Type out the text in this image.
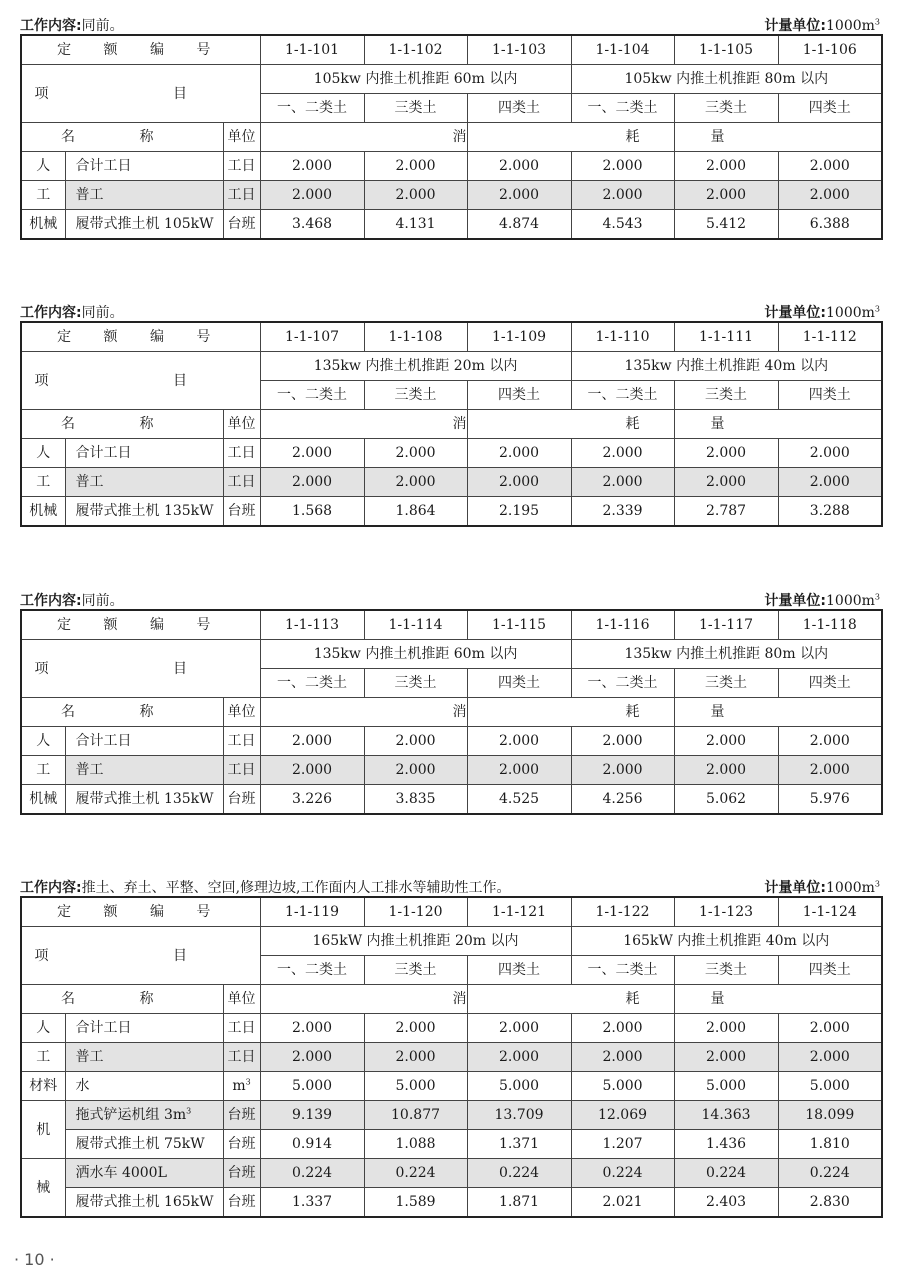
工作内容:同前。	计量单位$:1000m^3$
定 额 编 号			1-1-101	1-1-102	1-1-103	1-1-104	1-1-105	1-1-106
项 目			105kw 内推土机推距 60m 以内			105kw 内推土机推距 80m 以内		
			一、二类土	三类土	四类土	一、二类土	三类土	四类土
名 称		单位	消		耗		量	
人	合计工日	工日	2.000	2.000	2.000	2.000	2.000	2.000
工	普工	工日	2.000	2.000	2.000	2.000	2.000	2.000
机械	履带式推土机 105kW	台班	3.468	4.131	4.874	4.543	5.412	6.388
工作内容:同前。	计量单位$:1000m^3$
定 额 编 号			1-1-107	1-1-108	1-1-109	1-1-110	1-1-111	1-1-112
项 目			135kw 内推土机推距 20m 以内			135kw 内推土机推距 40m 以内		
			一、二类土	三类土	四类土	一、二类土	三类土	四类土
名 称		单位	消		耗		量	
人	合计工日	工日	2.000	2.000	2.000	2.000	2.000	2.000
工	普工	工日	2.000	2.000	2.000	2.000	2.000	2.000
机械	履带式推土机 135kW	台班	1.568	1.864	2.195	2.339	2.787	3.288
工作内容:同前。	计量单位$:1000m^3$
定 额 编 号			1-1-113	1-1-114	1-1-115	1-1-116	1-1-117	1-1-118
项 目			135kw 内推土机推距 60m 以内			135kw 内推土机推距 80m 以内		
			一、二类土	三类土	四类土	一、二类土	三类土	四类土
名 称		单位	消		耗		量	
人	合计工日	工日	2.000	2.000	2.000	2.000	2.000	2.000
工	普工	工日	2.000	2.000	2.000	2.000	2.000	2.000
机械	履带式推土机 135kW	台班	3.226	3.835	4.525	4.256	5.062	5.976
工作内容:推土、弃土、平整、空回,修理边坡,工作面内人工排水等辅助性工作。	计量单位$:1000m^3$
定 额 编 号			1-1-119	1-1-120	1-1-121	1-1-122	1-1-123	1-1-124
项 目			165kW 内推土机推距 20m 以内			165kW 内推土机推距 40m 以内		
			一、二类土	三类土	四类土	一、二类土	三类土	四类土
名 称		单位	消		耗		量	
人	合计工日	工日	2.000	2.000	2.000	2.000	2.000	2.000
工	普工	工日	2.000	2.000	2.000	2.000	2.000	2.000
材料	水	$m^3$	5.000	5.000	5.000	5.000	5.000	5.000
机	拖式铲运机组 $3m^3$	台班	9.139	10.877	13.709	12.069	14.363	18.099
	履带式推土机 75kW	台班	0.914	1.088	1.371	1.207	1.436	1.810
械	洒水车 4000L	台班	0.224	0.224	0.224	0.224	0.224	0.224
	履带式推土机 165kW	台班	1.337	1.589	1.871	2.021	2.403	2.830
· 10 ·
